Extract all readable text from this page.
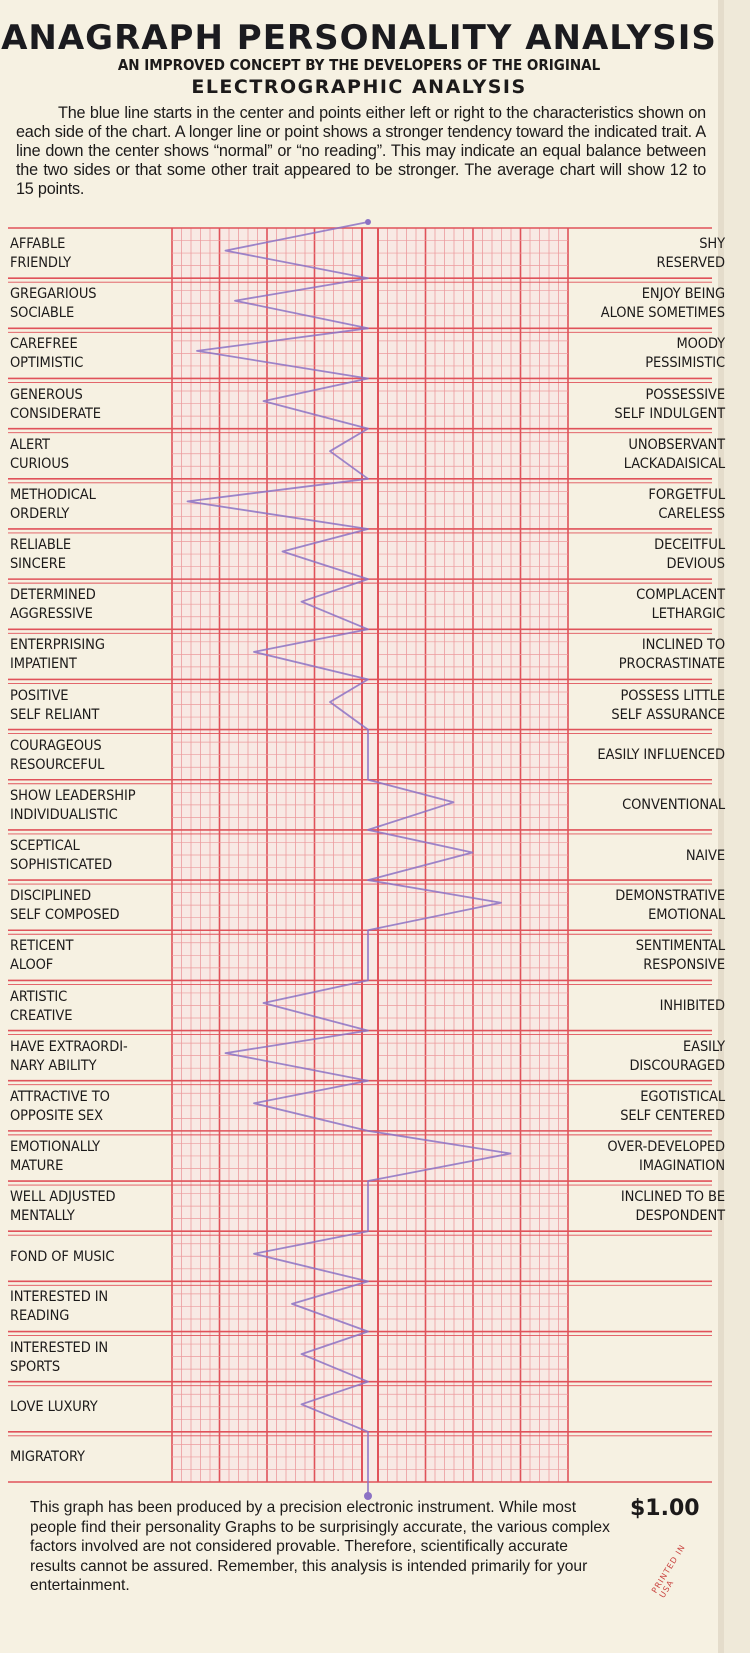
ANAGRAPH PERSONALITY ANALYSIS
AN IMPROVED CONCEPT BY THE DEVELOPERS OF THE ORIGINAL
ELECTROGRAPHIC ANALYSIS
The blue line starts in the center and points either left or right to the characteristics shown on each side of the chart. A longer line or point shows a stronger tendency toward the indicated trait. A line down the center shows “normal” or “no reading”. This may indicate an equal balance between the two sides or that some other trait appeared to be stronger. The average chart will show 12 to 15 points.
AFFABLE
FRIENDLY
SHY
RESERVED
GREGARIOUS
SOCIABLE
ENJOY BEING
ALONE SOMETIMES
CAREFREE
OPTIMISTIC
MOODY
PESSIMISTIC
GENEROUS
CONSIDERATE
POSSESSIVE
SELF INDULGENT
ALERT
CURIOUS
UNOBSERVANT
LACKADAISICAL
METHODICAL
ORDERLY
FORGETFUL
CARELESS
RELIABLE
SINCERE
DECEITFUL
DEVIOUS
DETERMINED
AGGRESSIVE
COMPLACENT
LETHARGIC
ENTERPRISING
IMPATIENT
INCLINED TO
PROCRASTINATE
POSITIVE
SELF RELIANT
POSSESS LITTLE
SELF ASSURANCE
COURAGEOUS
RESOURCEFUL
EASILY INFLUENCED
SHOW LEADERSHIP
INDIVIDUALISTIC
CONVENTIONAL
SCEPTICAL
SOPHISTICATED
NAIVE
DISCIPLINED
SELF COMPOSED
DEMONSTRATIVE
EMOTIONAL
RETICENT
ALOOF
SENTIMENTAL
RESPONSIVE
ARTISTIC
CREATIVE
INHIBITED
HAVE EXTRAORDI-
NARY ABILITY
EASILY
DISCOURAGED
ATTRACTIVE TO
OPPOSITE SEX
EGOTISTICAL
SELF CENTERED
EMOTIONALLY
MATURE
OVER-DEVELOPED
IMAGINATION
WELL ADJUSTED
MENTALLY
INCLINED TO BE
DESPONDENT
FOND OF MUSIC
INTERESTED IN
READING
INTERESTED IN
SPORTS
LOVE LUXURY
MIGRATORY
This graph has been produced by a precision electronic instrument. While most people find their personality Graphs to be surprisingly accurate, the various complex factors involved are not considered provable. Therefore, scientifically accurate results cannot be assured. Remember, this analysis is intended primarily for your entertainment.
$1.00
PRINTED IN USA
